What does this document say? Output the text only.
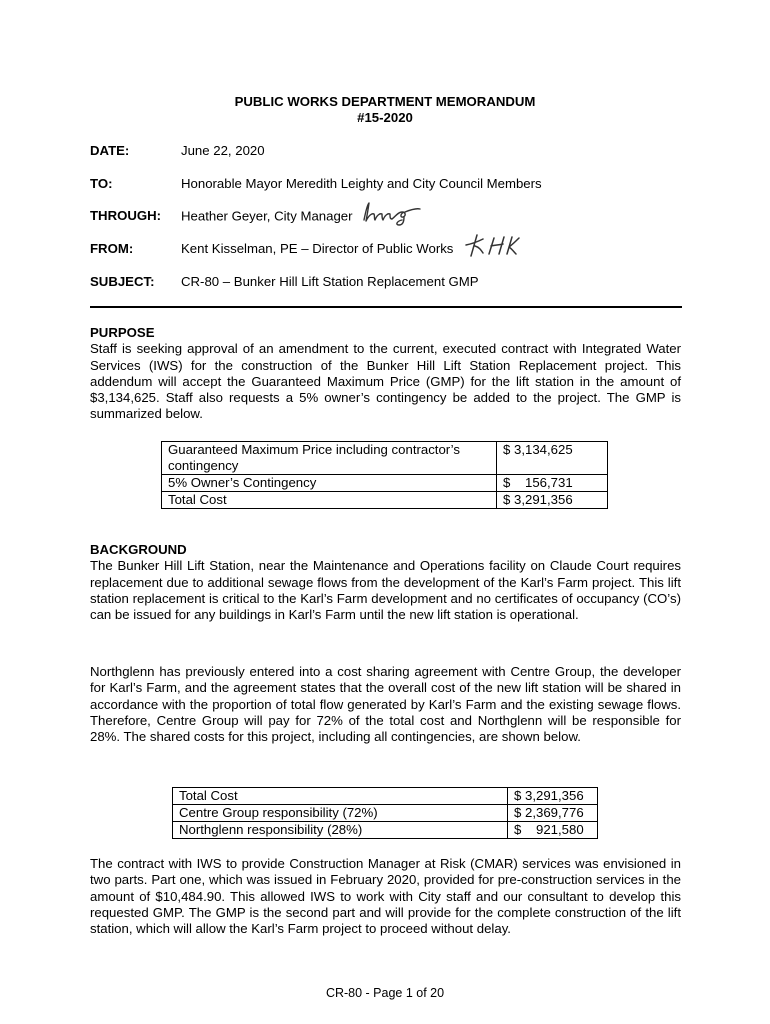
PUBLIC WORKS DEPARTMENT MEMORANDUM
#15-2020
DATE:	June 22, 2020
TO:	Honorable Mayor Meredith Leighty and City Council Members
THROUGH: Heather Geyer, City Manager
FROM:	Kent Kisselman, PE – Director of Public Works
SUBJECT: CR-80 – Bunker Hill Lift Station Replacement GMP
PURPOSE

Staff is seeking approval of an amendment to the current, executed contract with Integrated Water Services (IWS) for the construction of the Bunker Hill Lift Station Replacement project. This addendum will accept the Guaranteed Maximum Price (GMP) for the lift station in the amount of $3,134,625. Staff also requests a 5% owner’s contingency be added to the project. The GMP is summarized below.

Guaranteed Maximum Price including contractor’s contingency	$ 3,134,625
5% Owner’s Contingency	$    156,731
Total Cost	$ 3,291,356
BACKGROUND

The Bunker Hill Lift Station, near the Maintenance and Operations facility on Claude Court requires replacement due to additional sewage flows from the development of the Karl’s Farm project. This lift station replacement is critical to the Karl’s Farm development and no certificates of occupancy (CO’s) can be issued for any buildings in Karl’s Farm until the new lift station is operational.

Northglenn has previously entered into a cost sharing agreement with Centre Group, the developer for Karl’s Farm, and the agreement states that the overall cost of the new lift station will be shared in accordance with the proportion of total flow generated by Karl’s Farm and the existing sewage flows. Therefore, Centre Group will pay for 72% of the total cost and Northglenn will be responsible for 28%. The shared costs for this project, including all contingencies, are shown below.

Total Cost	$ 3,291,356
Centre Group responsibility (72%)	$ 2,369,776
Northglenn responsibility (28%)	$    921,580

The contract with IWS to provide Construction Manager at Risk (CMAR) services was envisioned in two parts. Part one, which was issued in February 2020, provided for pre-construction services in the amount of $10,484.90. This allowed IWS to work with City staff and our consultant to develop this requested GMP. The GMP is the second part and will provide for the complete construction of the lift station, which will allow the Karl’s Farm project to proceed without delay.

CR-80 - Page 1 of 20
